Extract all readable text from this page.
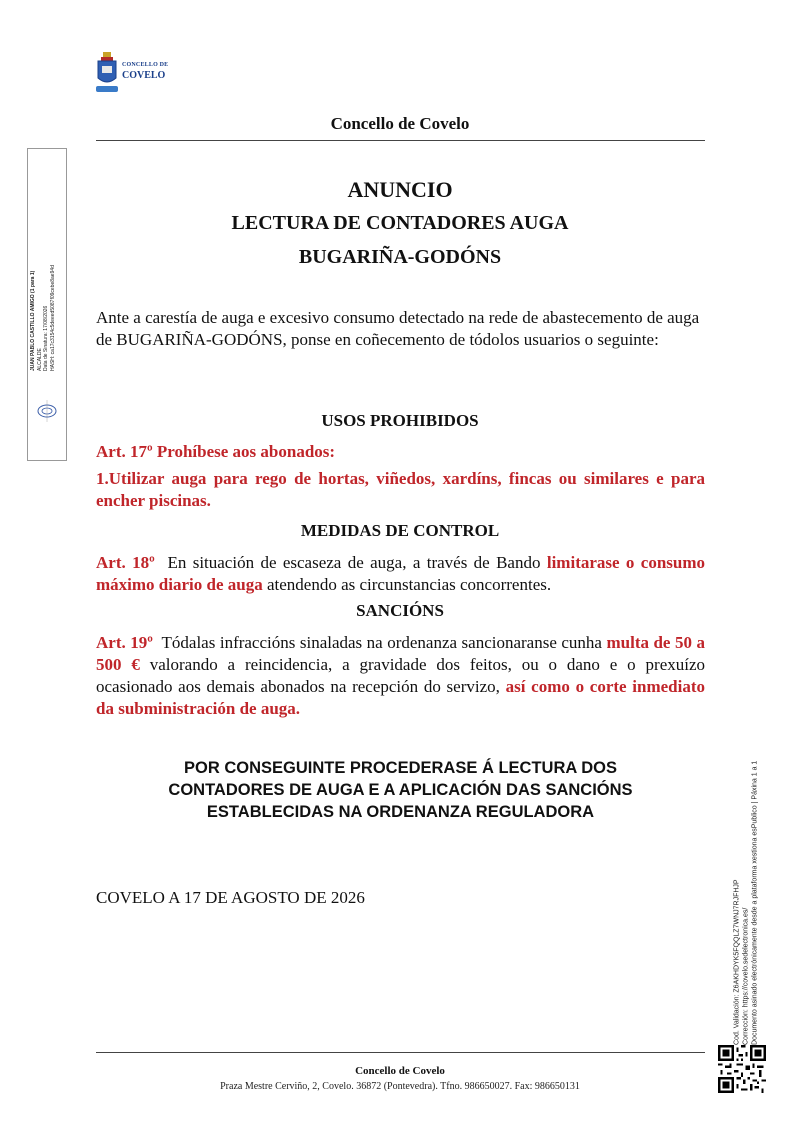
CONCELLO DE
COVELO
Concello de Covelo
JUAN PABLO CASTILLO AMIGO (1 para 1) ALCALDE Data de Sinatura: 17/08/2026 HASH: ca17c3154c5deeed5087f09cebe8ae94d
ANUNCIO
LECTURA DE CONTADORES AUGA
BUGARIÑA-GODÓNS
Ante a carestía de auga e excesivo consumo detectado na rede de abastecemento de auga de BUGARIÑA-GODÓNS, ponse en coñecemento de tódolos usuarios o seguinte:
USOS PROHIBIDOS
Art. 17º Prohíbese aos abonados:
1.Utilizar auga para rego de hortas, viñedos, xardíns, fincas ou similares e para encher piscinas.
MEDIDAS DE CONTROL
Art. 18º En situación de escaseza de auga, a través de Bando limitarase o consumo máximo diario de auga atendendo as circunstancias concorrentes.
SANCIÓNS
Art. 19º Tódalas infraccións sinaladas na ordenanza sancionaranse cunha multa de 50 a 500 € valorando a reincidencia, a gravidade dos feitos, ou o dano e o prexuízo ocasionado aos demais abonados na recepción do servizo, así como o corte inmediato da subministración de auga.
POR CONSEGUINTE PROCEDERASE Á LECTURA DOS
CONTADORES DE AUGA E A APLICACIÓN DAS SANCIÓNS
ESTABLECIDAS NA ORDENANZA REGULADORA
COVELO A 17 DE AGOSTO DE 2026	Cod. Validación: Z6AKHDYK5FQQLZ7WNJ7RJFHJP Corrección: https://covelo.sedelectronica.es/ Documento asinado electrónicamente desde a plataforma xestiona esPublico | Páxina 1 a 1
Concello de Covelo
Praza Mestre Cerviño, 2, Covelo. 36872 (Pontevedra). Tfno. 986650027. Fax: 986650131
